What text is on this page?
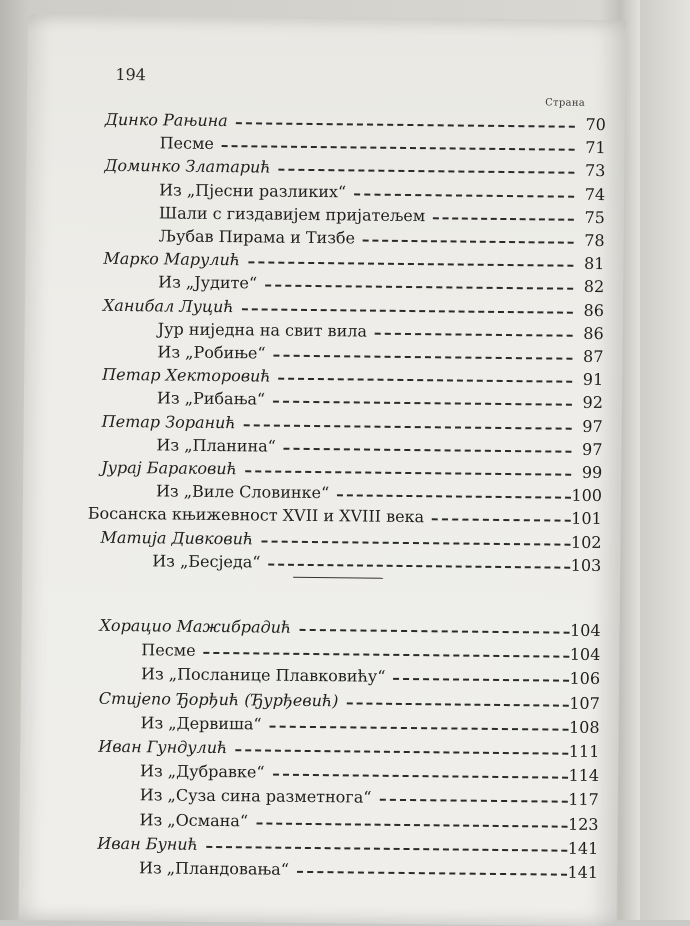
194
Страна
Динко Рањина	70
Песме	71
Доминко Златарић	73
Из „Пјесни разликих“	74
Шали с гиздавијем пријатељем	75
Љубав Пирама и Тизбе	78
Марко Марулић	81
Из „Јудите“	82
Ханибал Луцић	86
Јур ниједна на свит вила	86
Из „Робиње“	87
Петар Хекторовић	91
Из „Рибања“	92
Петар Зоранић	97
Из „Планина“	97
Јурај Бараковић	99
Из „Виле Словинке“	100
Босанска књижевност XVII и XVIII века	101
Матија Дивковић	102
Из „Бесједа“	103
Хорацио Мажибрадић	104
Песме	104
Из „Посланице Плавковићу“	106
Стијепо Ђорђић (Ђурђевић)	107
Из „Дервиша“	108
Иван Гундулић	111
Из „Дубравке“	114
Из „Суза сина разметнога“	117
Из „Османа“	123
Иван Бунић	141
Из „Пландовања“	141
